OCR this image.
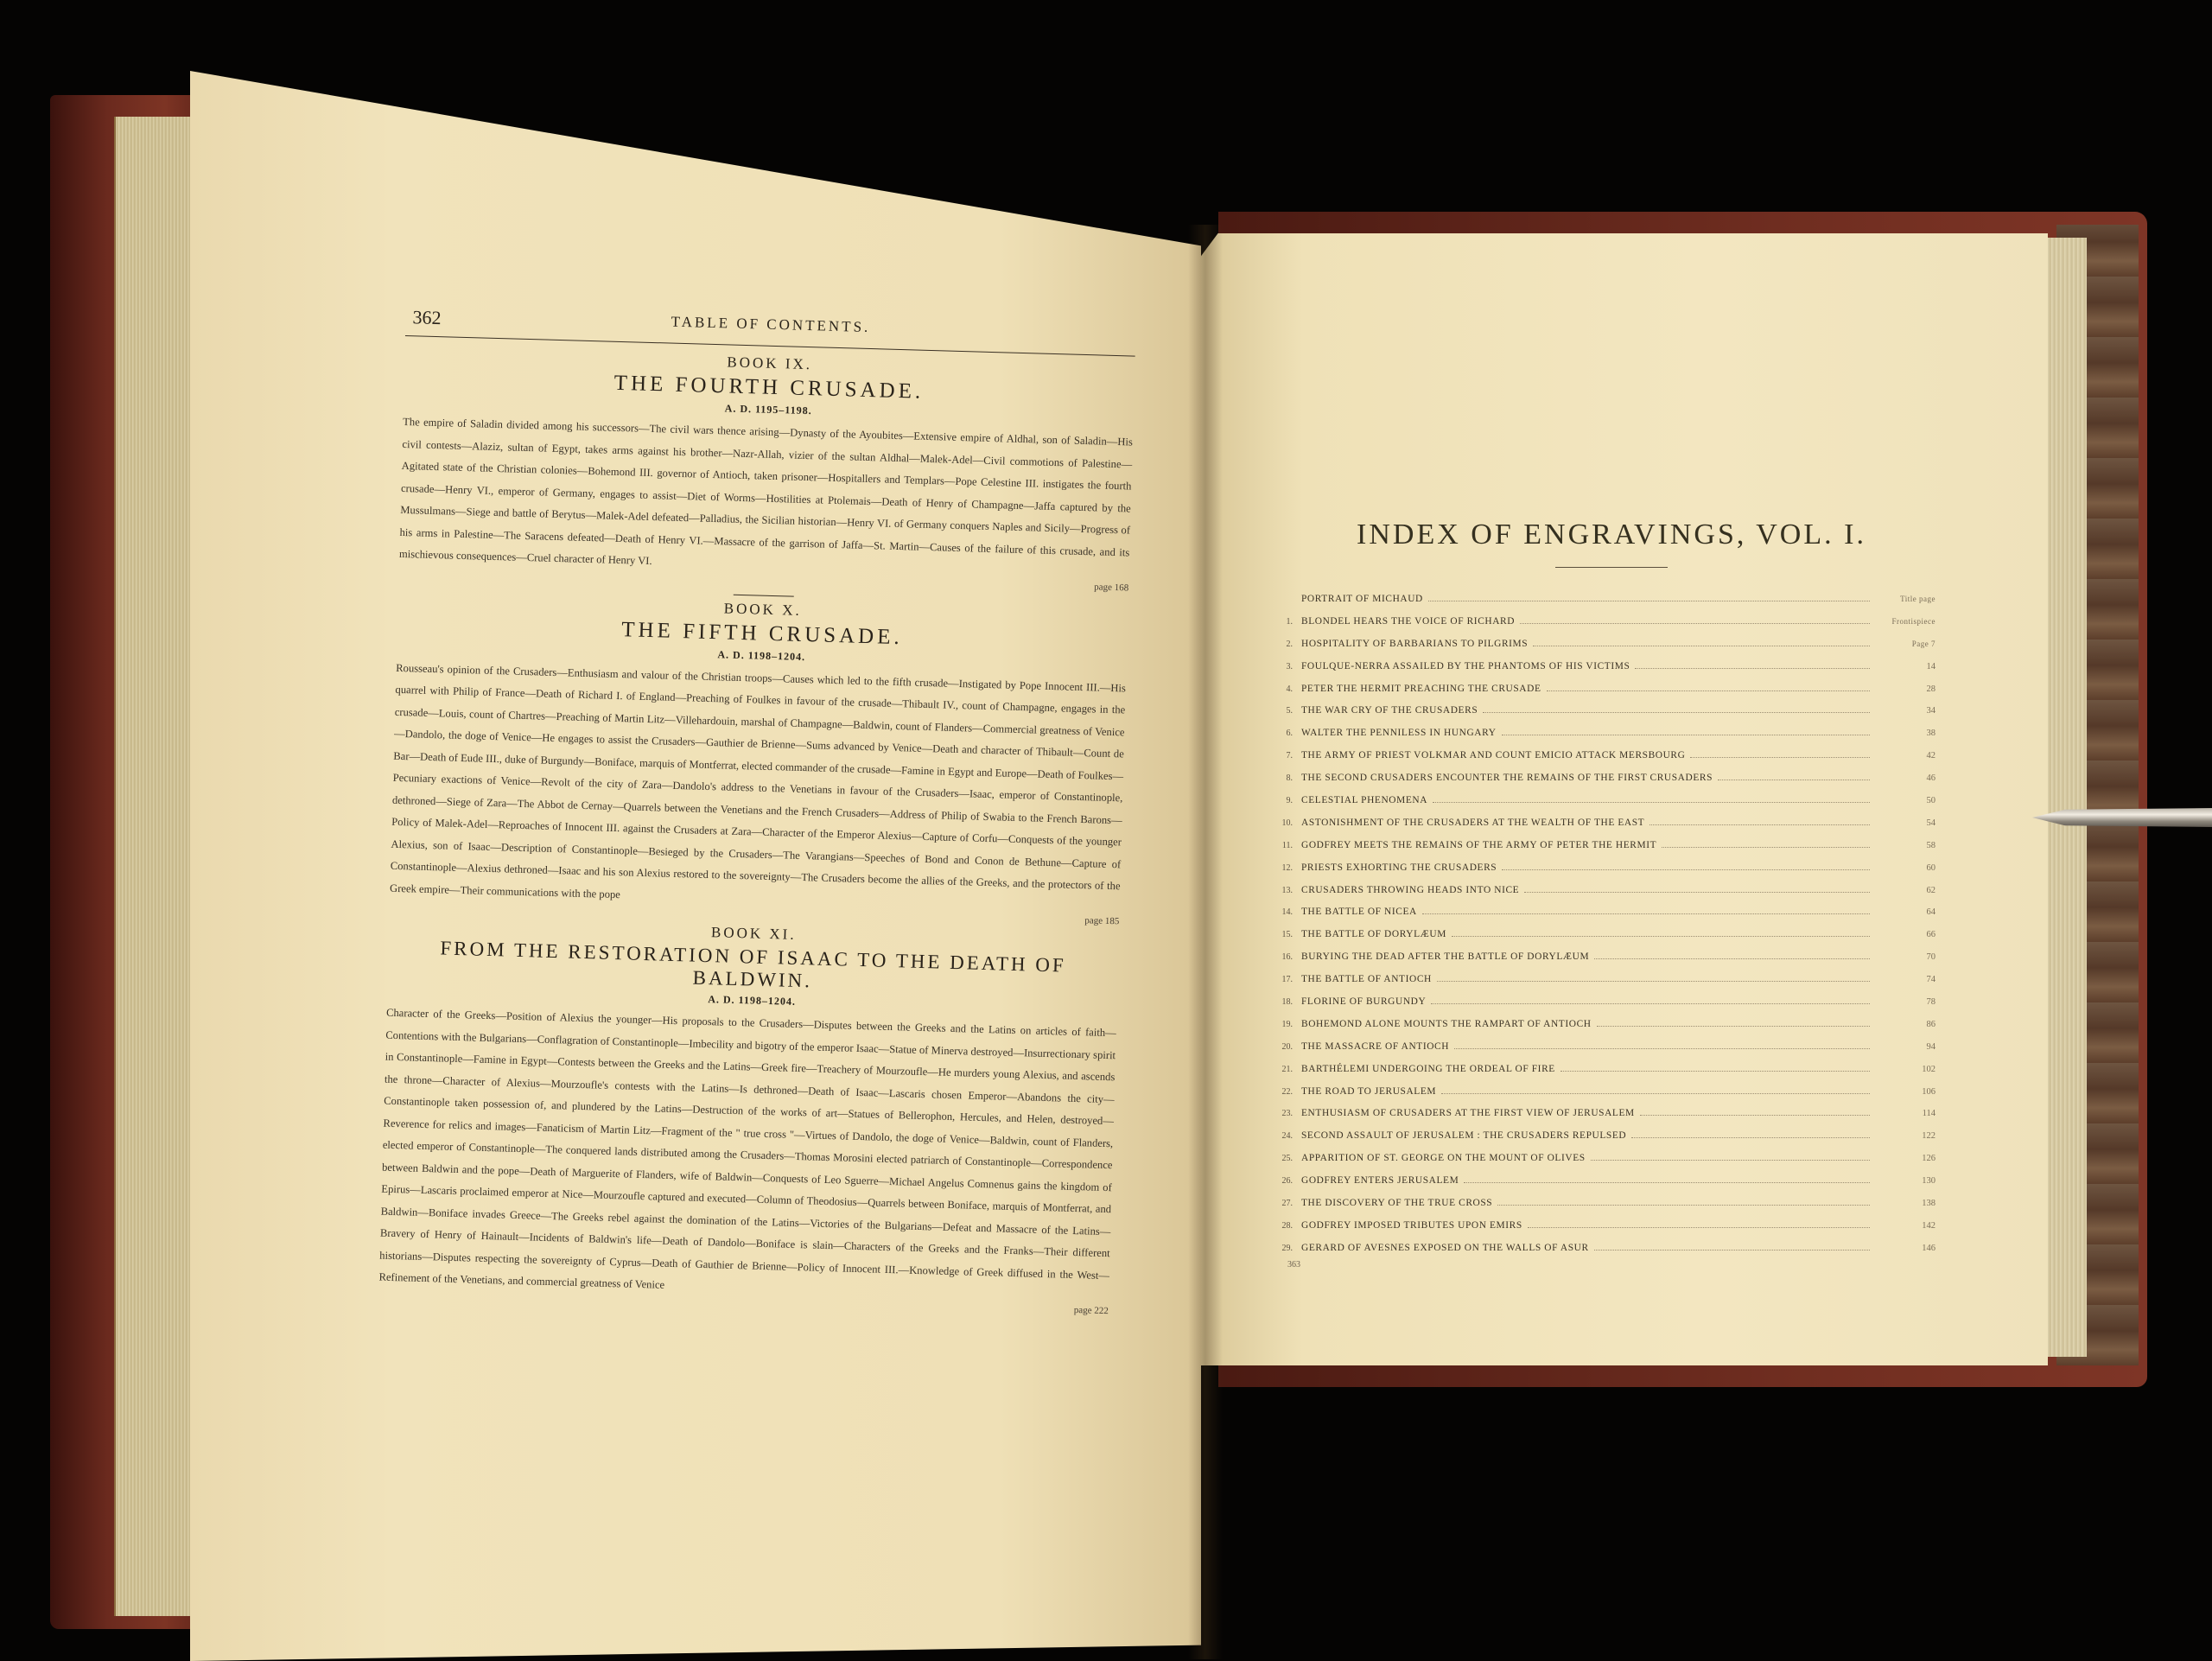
362	TABLE OF CONTENTS.
BOOK IX.
THE FOURTH CRUSADE.
A. D. 1195–1198.

The empire of Saladin divided among his successors—The civil wars thence arising—Dynasty of the Ayoubites—Extensive empire of Aldhal, son of Saladin—His civil contests—Alaziz, sultan of Egypt, takes arms against his brother—Nazr-Allah, vizier of the sultan Aldhal—Malek-Adel—Civil commotions of Palestine—Agitated state of the Christian colonies—Bohemond III. governor of Antioch, taken prisoner—Hospitallers and Templars—Pope Celestine III. instigates the fourth crusade—Henry VI., emperor of Germany, engages to assist—Diet of Worms—Hostilities at Ptolemais—Death of Henry of Champagne—Jaffa captured by the Mussulmans—Siege and battle of Berytus—Malek-Adel defeated—Palladius, the Sicilian historian—Henry VI. of Germany conquers Naples and Sicily—Progress of his arms in Palestine—The Saracens defeated—Death of Henry VI.—Massacre of the garrison of Jaffa—St. Martin—Causes of the failure of this crusade, and its mischievous consequences—Cruel character of Henry VI.

page 168
BOOK X.
THE FIFTH CRUSADE.
A. D. 1198–1204.

Rousseau's opinion of the Crusaders—Enthusiasm and valour of the Christian troops—Causes which led to the fifth crusade—Instigated by Pope Innocent III.—His quarrel with Philip of France—Death of Richard I. of England—Preaching of Foulkes in favour of the crusade—Thibault IV., count of Champagne, engages in the crusade—Louis, count of Chartres—Preaching of Martin Litz—Villehardouin, marshal of Champagne—Baldwin, count of Flanders—Commercial greatness of Venice—Dandolo, the doge of Venice—He engages to assist the Crusaders—Gauthier de Brienne—Sums advanced by Venice—Death and character of Thibault—Count de Bar—Death of Eude III., duke of Burgundy—Boniface, marquis of Montferrat, elected commander of the crusade—Famine in Egypt and Europe—Death of Foulkes—Pecuniary exactions of Venice—Revolt of the city of Zara—Dandolo's address to the Venetians in favour of the Crusaders—Isaac, emperor of Constantinople, dethroned—Siege of Zara—The Abbot de Cernay—Quarrels between the Venetians and the French Crusaders—Address of Philip of Swabia to the French Barons—Policy of Malek-Adel—Reproaches of Innocent III. against the Crusaders at Zara—Character of the Emperor Alexius—Capture of Corfu—Conquests of the younger Alexius, son of Isaac—Description of Constantinople—Besieged by the Crusaders—The Varangians—Speeches of Bond and Conon de Bethune—Capture of Constantinople—Alexius dethroned—Isaac and his son Alexius restored to the sovereignty—The Crusaders become the allies of the Greeks, and the protectors of the Greek empire—Their communications with the pope

page 185
BOOK XI.
FROM THE RESTORATION OF ISAAC TO THE DEATH OF BALDWIN.
A. D. 1198–1204.

Character of the Greeks—Position of Alexius the younger—His proposals to the Crusaders—Disputes between the Greeks and the Latins on articles of faith—Contentions with the Bulgarians—Conflagration of Constantinople—Imbecility and bigotry of the emperor Isaac—Statue of Minerva destroyed—Insurrectionary spirit in Constantinople—Famine in Egypt—Contests between the Greeks and the Latins—Greek fire—Treachery of Mourzoufle—He murders young Alexius, and ascends the throne—Character of Alexius—Mourzoufle's contests with the Latins—Is dethroned—Death of Isaac—Lascaris chosen Emperor—Abandons the city—Constantinople taken possession of, and plundered by the Latins—Destruction of the works of art—Statues of Bellerophon, Hercules, and Helen, destroyed—Reverence for relics and images—Fanaticism of Martin Litz—Fragment of the " true cross "—Virtues of Dandolo, the doge of Venice—Baldwin, count of Flanders, elected emperor of Constantinople—The conquered lands distributed among the Crusaders—Thomas Morosini elected patriarch of Constantinople—Correspondence between Baldwin and the pope—Death of Marguerite of Flanders, wife of Baldwin—Conquests of Leo Sguerre—Michael Angelus Comnenus gains the kingdom of Epirus—Lascaris proclaimed emperor at Nice—Mourzoufle captured and executed—Column of Theodosius—Quarrels between Boniface, marquis of Montferrat, and Baldwin—Boniface invades Greece—The Greeks rebel against the domination of the Latins—Victories of the Bulgarians—Defeat and Massacre of the Latins—Bravery of Henry of Hainault—Incidents of Baldwin's life—Death of Dandolo—Boniface is slain—Characters of the Greeks and the Franks—Their different historians—Disputes respecting the sovereignty of Cyprus—Death of Gauthier de Brienne—Policy of Innocent III.—Knowledge of Greek diffused in the West—Refinement of the Venetians, and commercial greatness of Venice

page 222
INDEX OF ENGRAVINGS, VOL. I.
PORTRAIT OF MICHAUD	Title page
1. BLONDEL HEARS THE VOICE OF RICHARD	Frontispiece
2. HOSPITALITY OF BARBARIANS TO PILGRIMS	Page 7
3. FOULQUE-NERRA ASSAILED BY THE PHANTOMS OF HIS VICTIMS	14
4. PETER THE HERMIT PREACHING THE CRUSADE	28
5. THE WAR CRY OF THE CRUSADERS	34
6. WALTER THE PENNILESS IN HUNGARY	38
7. THE ARMY OF PRIEST VOLKMAR AND COUNT EMICIO ATTACK MERSBOURG	42
8. THE SECOND CRUSADERS ENCOUNTER THE REMAINS OF THE FIRST CRUSADERS	46
9. CELESTIAL PHENOMENA	50
10. ASTONISHMENT OF THE CRUSADERS AT THE WEALTH OF THE EAST	54
11. GODFREY MEETS THE REMAINS OF THE ARMY OF PETER THE HERMIT	58
12. PRIESTS EXHORTING THE CRUSADERS	60
13. CRUSADERS THROWING HEADS INTO NICE	62
14. THE BATTLE OF NICEA	64
15. THE BATTLE OF DORYLÆUM	66
16. BURYING THE DEAD AFTER THE BATTLE OF DORYLÆUM	70
17. THE BATTLE OF ANTIOCH	74
18. FLORINE OF BURGUNDY	78
19. BOHEMOND ALONE MOUNTS THE RAMPART OF ANTIOCH	86
20. THE MASSACRE OF ANTIOCH	94
21. BARTHÉLEMI UNDERGOING THE ORDEAL OF FIRE	102
22. THE ROAD TO JERUSALEM	106
23. ENTHUSIASM OF CRUSADERS AT THE FIRST VIEW OF JERUSALEM	114
24. SECOND ASSAULT OF JERUSALEM : THE CRUSADERS REPULSED	122
25. APPARITION OF ST. GEORGE ON THE MOUNT OF OLIVES	126
26. GODFREY ENTERS JERUSALEM	130
27. THE DISCOVERY OF THE TRUE CROSS	138
28. GODFREY IMPOSED TRIBUTES UPON EMIRS	142
29. GERARD OF AVESNES EXPOSED ON THE WALLS OF ASUR	146
363
